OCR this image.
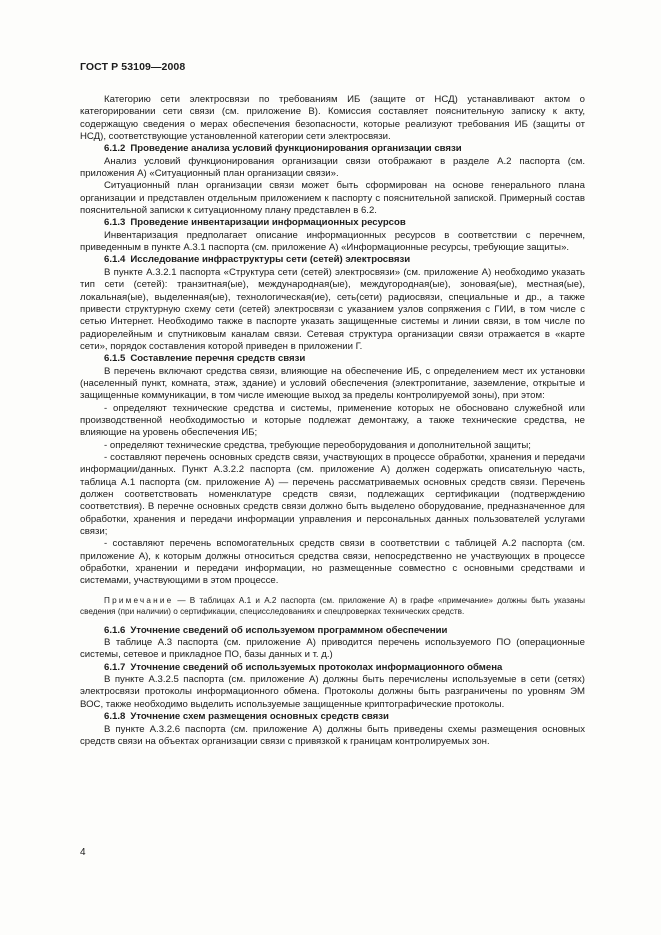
ГОСТ Р 53109—2008

Категорию сети электросвязи по требованиям ИБ (защите от НСД) устанавливают актом о категорировании сети связи (см. приложение В). Комиссия составляет пояснительную записку к акту, содержащую сведения о мерах обеспечения безопасности, которые реализуют требования ИБ (защиты от НСД), соответствующие установленной категории сети электросвязи.

6.1.2 Проведение анализа условий функционирования организации связи

Анализ условий функционирования организации связи отображают в разделе А.2 паспорта (см. приложения А) «Ситуационный план организации связи».

Ситуационный план организации связи может быть сформирован на основе генерального плана организации и представлен отдельным приложением к паспорту с пояснительной запиской. Примерный состав пояснительной записки к ситуационному плану представлен в 6.2.

6.1.3 Проведение инвентаризации информационных ресурсов

Инвентаризация предполагает описание информационных ресурсов в соответствии с перечнем, приведенным в пункте А.3.1 паспорта (см. приложение А) «Информационные ресурсы, требующие защиты».

6.1.4 Исследование инфраструктуры сети (сетей) электросвязи

В пункте А.3.2.1 паспорта «Структура сети (сетей) электросвязи» (см. приложение А) необходимо указать тип сети (сетей): транзитная(ые), международная(ые), междугородная(ые), зоновая(ые), местная(ые), локальная(ые), выделенная(ые), технологическая(ие), сеть(сети) радиосвязи, специальные и др., а также привести структурную схему сети (сетей) электросвязи с указанием узлов сопряжения с ГИИ, в том числе с сетью Интернет. Необходимо также в паспорте указать защищенные системы и линии связи, в том числе по радиорелейным и спутниковым каналам связи. Сетевая структура организации связи отражается в «карте сети», порядок составления которой приведен в приложении Г.

6.1.5 Составление перечня средств связи

В перечень включают средства связи, влияющие на обеспечение ИБ, с определением мест их установки (населенный пункт, комната, этаж, здание) и условий обеспечения (электропитание, заземление, открытые и защищенные коммуникации, в том числе имеющие выход за пределы контролируемой зоны), при этом:

- определяют технические средства и системы, применение которых не обосновано служебной или производственной необходимостью и которые подлежат демонтажу, а также технические средства, не влияющие на уровень обеспечения ИБ;

- определяют технические средства, требующие переоборудования и дополнительной защиты;

- составляют перечень основных средств связи, участвующих в процессе обработки, хранения и передачи информации/данных. Пункт А.3.2.2 паспорта (см. приложение А) должен содержать описательную часть, таблица А.1 паспорта (см. приложение А) — перечень рассматриваемых основных средств связи. Перечень должен соответствовать номенклатуре средств связи, подлежащих сертификации (подтверждению соответствия). В перечне основных средств связи должно быть выделено оборудование, предназначенное для обработки, хранения и передачи информации управления и персональных данных пользователей услугами связи;

- составляют перечень вспомогательных средств связи в соответствии с таблицей А.2 паспорта (см. приложение А), к которым должны относиться средства связи, непосредственно не участвующих в процессе обработки, хранении и передачи информации, но размещенные совместно с основными средствами и системами, участвующими в этом процессе.

Примечание — В таблицах А.1 и А.2 паспорта (см. приложение А) в графе «примечание» должны быть указаны сведения (при наличии) о сертификации, специсследованиях и спецпроверках технических средств.

6.1.6 Уточнение сведений об используемом программном обеспечении

В таблице А.3 паспорта (см. приложение А) приводится перечень используемого ПО (операционные системы, сетевое и прикладное ПО, базы данных и т. д.)

6.1.7 Уточнение сведений об используемых протоколах информационного обмена

В пункте А.3.2.5 паспорта (см. приложение А) должны быть перечислены используемые в сети (сетях) электросвязи протоколы информационного обмена. Протоколы должны быть разграничены по уровням ЭМ ВОС, также необходимо выделить используемые защищенные криптографические протоколы.

6.1.8 Уточнение схем размещения основных средств связи

В пункте А.3.2.6 паспорта (см. приложение А) должны быть приведены схемы размещения основных средств связи на объектах организации связи с привязкой к границам контролируемых зон.

4
